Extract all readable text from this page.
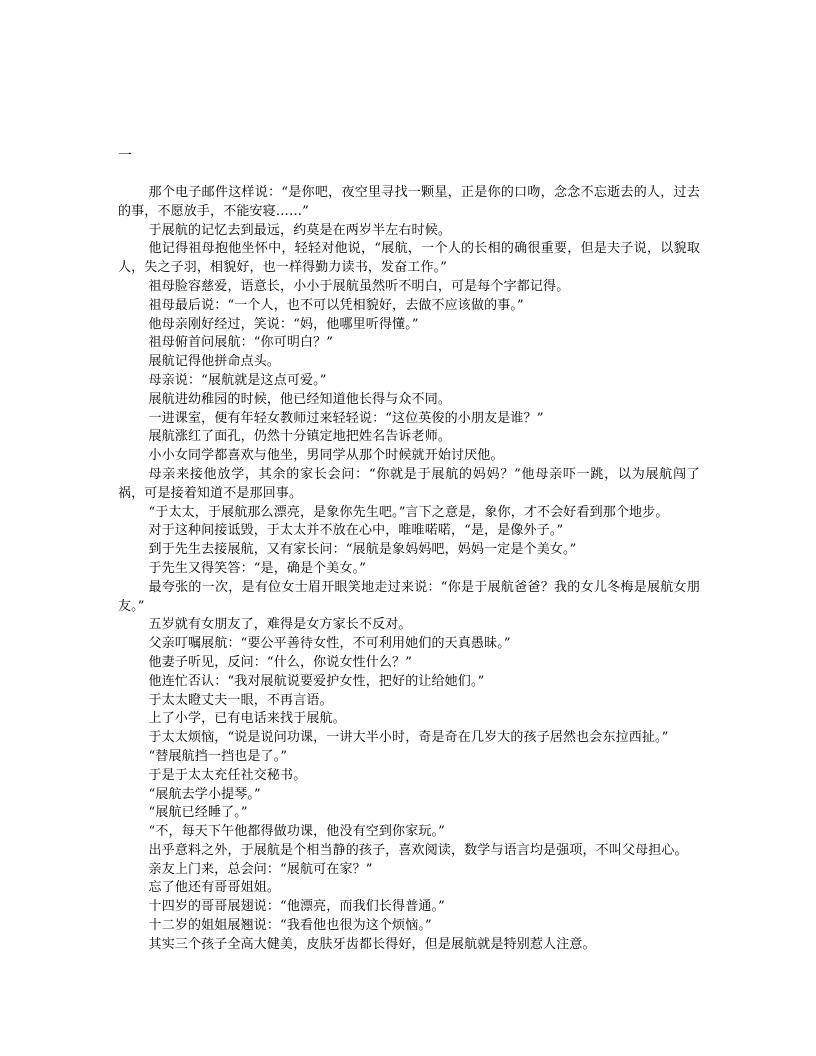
一

那个电子邮件这样说：“是你吧，夜空里寻找一颗星，正是你的口吻，念念不忘逝去的人，过去的事，不愿放手，不能安寝……”

于展航的记忆去到最远，约莫是在两岁半左右时候。

他记得祖母抱他坐怀中，轻轻对他说，“展航，一个人的长相的确很重要，但是夫子说，以貌取人，失之子羽，相貌好，也一样得勤力读书，发奋工作。”

祖母脸容慈爱，语意长，小小于展航虽然听不明白，可是每个字都记得。

祖母最后说：“一个人，也不可以凭相貌好，去做不应该做的事。”

他母亲刚好经过，笑说：“妈，他哪里听得懂。”

祖母俯首问展航：“你可明白？”

展航记得他拼命点头。

母亲说：“展航就是这点可爱。”

展航进幼稚园的时候，他已经知道他长得与众不同。

一进课室，便有年轻女教师过来轻轻说：“这位英俊的小朋友是谁？”

展航涨红了面孔，仍然十分镇定地把姓名告诉老师。

小小女同学都喜欢与他坐，男同学从那个时候就开始讨厌他。

母亲来接他放学，其余的家长会问：“你就是于展航的妈妈？”他母亲吓一跳，以为展航闯了祸，可是接着知道不是那回事。

“于太太，于展航那么漂亮，是象你先生吧。”言下之意是，象你，才不会好看到那个地步。

对于这种间接诋毁，于太太并不放在心中，唯唯喏喏，“是，是像外子。”

到于先生去接展航，又有家长问：“展航是象妈妈吧，妈妈一定是个美女。”

于先生又得笑答：“是，确是个美女。”

最夸张的一次，是有位女士眉开眼笑地走过来说：“你是于展航爸爸？我的女儿冬梅是展航女朋友。”

五岁就有女朋友了，难得是女方家长不反对。

父亲叮嘱展航：“要公平善待女性，不可利用她们的天真愚昧。”

他妻子听见，反问：“什么，你说女性什么？”

他连忙否认：“我对展航说要爱护女性，把好的让给她们。”

于太太瞪丈夫一眼，不再言语。

上了小学，已有电话来找于展航。

于太太烦恼，“说是说问功课，一讲大半小时，奇是奇在几岁大的孩子居然也会东拉西扯。”

“替展航挡一挡也是了。”

于是于太太充任社交秘书。

“展航去学小提琴。”

“展航已经睡了。”

“不，每天下午他都得做功课，他没有空到你家玩。”

出乎意料之外，于展航是个相当静的孩子，喜欢阅读，数学与语言均是强项，不叫父母担心。

亲友上门来，总会问：“展航可在家？”

忘了他还有哥哥姐姐。

十四岁的哥哥展翅说：“他漂亮，而我们长得普通。”

十二岁的姐姐展翘说：“我看他也很为这个烦恼。”

其实三个孩子全高大健美，皮肤牙齿都长得好，但是展航就是特别惹人注意。
